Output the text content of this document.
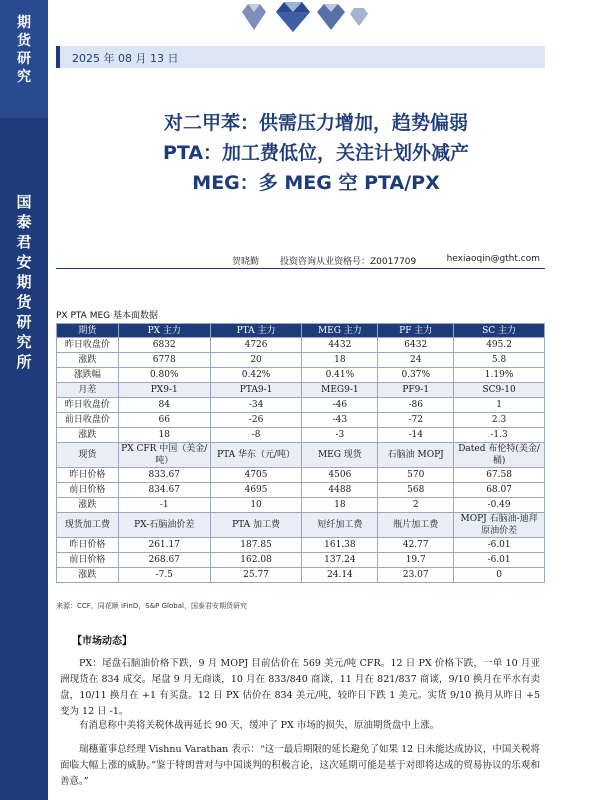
期
货
研
究
国
泰
君
安
期
货
研
究
所
2025 年 08 月 13 日
对二甲苯：供需压力增加，趋势偏弱
PTA：加工费低位，关注计划外减产
MEG：多 MEG 空 PTA/PX
贺晓勤 投资咨询从业资格号：Z0017709	hexiaoqin@gtht.com
PX PTA MEG 基本面数据
期货	PX 主力	PTA 主力	MEG 主力	PF 主力	SC 主力
昨日收盘价	6832	4726	4432	6432	495.2
涨跌	6778	20	18	24	5.8
涨跌幅	0.80%	0.42%	0.41%	0.37%	1.19%
月差	PX9-1	PTA9-1	MEG9-1	PF9-1	SC9-10
昨日收盘价	84	-34	-46	-86	1
前日收盘价	66	-26	-43	-72	2.3
涨跌	18	-8	-3	-14	-1.3
现货	PX CFR 中国（美金/吨）	PTA 华东（元/吨）	MEG 现货	石脑油 MOPJ	Dated 布伦特(美金/桶)
昨日价格	833.67	4705	4506	570	67.58
前日价格	834.67	4695	4488	568	68.07
涨跌	-1	10	18	2	-0.49
现货加工费	PX-石脑油价差	PTA 加工费	短纤加工费	瓶片加工费	MOPJ 石脑油-迪拜原油价差
昨日价格	261.17	187.85	161.38	42.77	-6.01
前日价格	268.67	162.08	137.24	19.7	-6.01
涨跌	-7.5	25.77	24.14	23.07	0
来源：CCF，同花顺 iFinD，S&P Global，国泰君安期货研究
【市场动态】
PX：尾盘石脑油价格下跌，9 月 MOPJ 目前估价在 569 美元/吨 CFR。12 日 PX 价格下跌，一单 10 月亚洲现货在 834 成交。尾盘 9 月无商谈，10 月在 833/840 商谈，11 月在 821/837 商谈，9/10 换月在平水有卖盘，10/11 换月在 +1 有买盘。12 日 PX 估价在 834 美元/吨，较昨日下跌 1 美元。实货 9/10 换月从昨日 +5 变为 12 日 -1。
有消息称中美将关税休战再延长 90 天，缓冲了 PX 市场的损失，原油期货盘中上涨。
瑞穗董事总经理 Vishnu Varathan 表示：“这一最后期限的延长避免了如果 12 日未能达成协议，中国关税将面临大幅上涨的威胁。”鉴于特朗普对与中国谈判的积极言论，这次延期可能是基于对即将达成的贸易协议的乐观和善意。”
